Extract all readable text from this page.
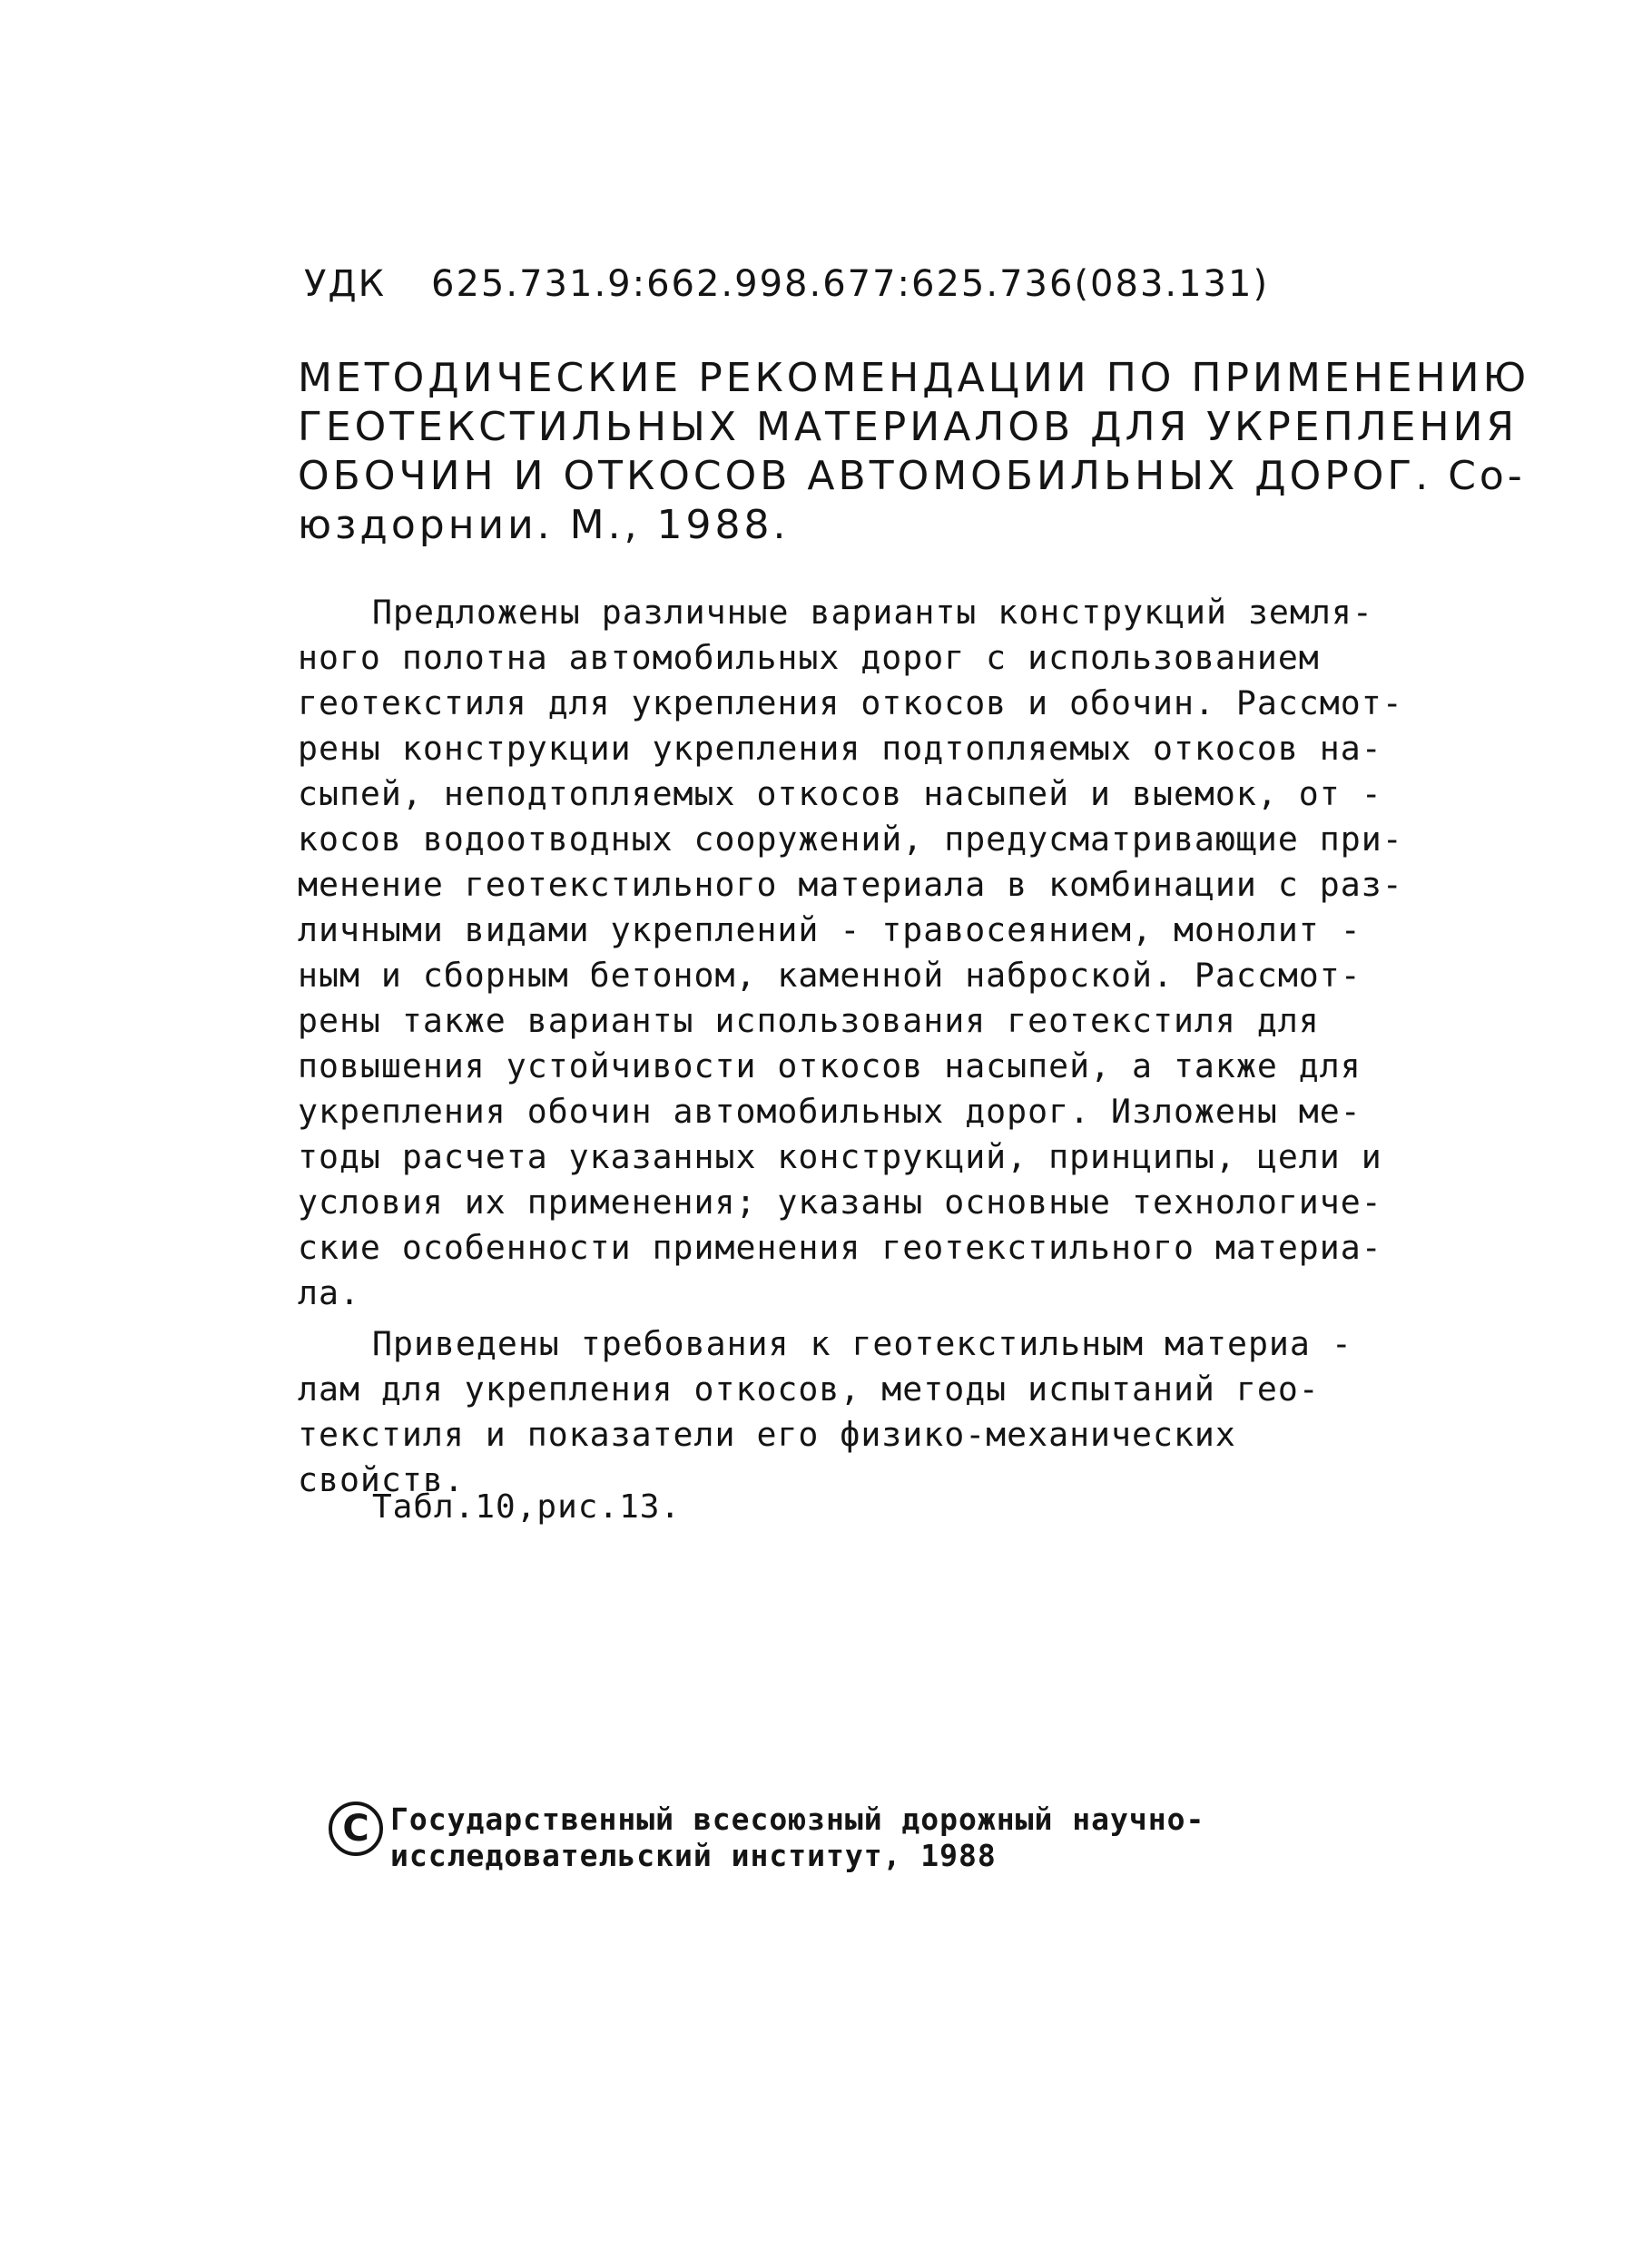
УДК 625.731.9:662.998.677:625.736(083.131)
МЕТОДИЧЕСКИЕ РЕКОМЕНДАЦИИ ПО ПРИМЕНЕНИЮ
ГЕОТЕКСТИЛЬНЫХ МАТЕРИАЛОВ ДЛЯ УКРЕПЛЕНИЯ
ОБОЧИН И ОТКОСОВ АВТОМОБИЛЬНЫХ ДОРОГ. Со-
юздорнии. М., 1988.
Предложены различные варианты конструкций земля-
ного полотна автомобильных дорог с использованием
геотекстиля для укрепления откосов и обочин. Рассмот-
рены конструкции укрепления подтопляемых откосов на-
сыпей, неподтопляемых откосов насыпей и выемок, от -
косов водоотводных сооружений, предусматривающие при-
менение геотекстильного материала в комбинации с раз-
личными видами укреплений - травосеянием, монолит -
ным и сборным бетоном, каменной наброской. Рассмот-
рены также варианты использования геотекстиля для
повышения устойчивости откосов насыпей, а также для
укрепления обочин автомобильных дорог. Изложены ме-
тоды расчета указанных конструкций, принципы, цели и
условия их применения; указаны основные технологиче-
ские особенности применения геотекстильного материа-
ла.
Приведены требования к геотекстильным материа -
лам для укрепления откосов, методы испытаний гео-
текстиля и показатели его физико-механических
свойств.
Табл.10,рис.13.
C Государственный всесоюзный дорожный научно-
исследовательский институт, 1988
